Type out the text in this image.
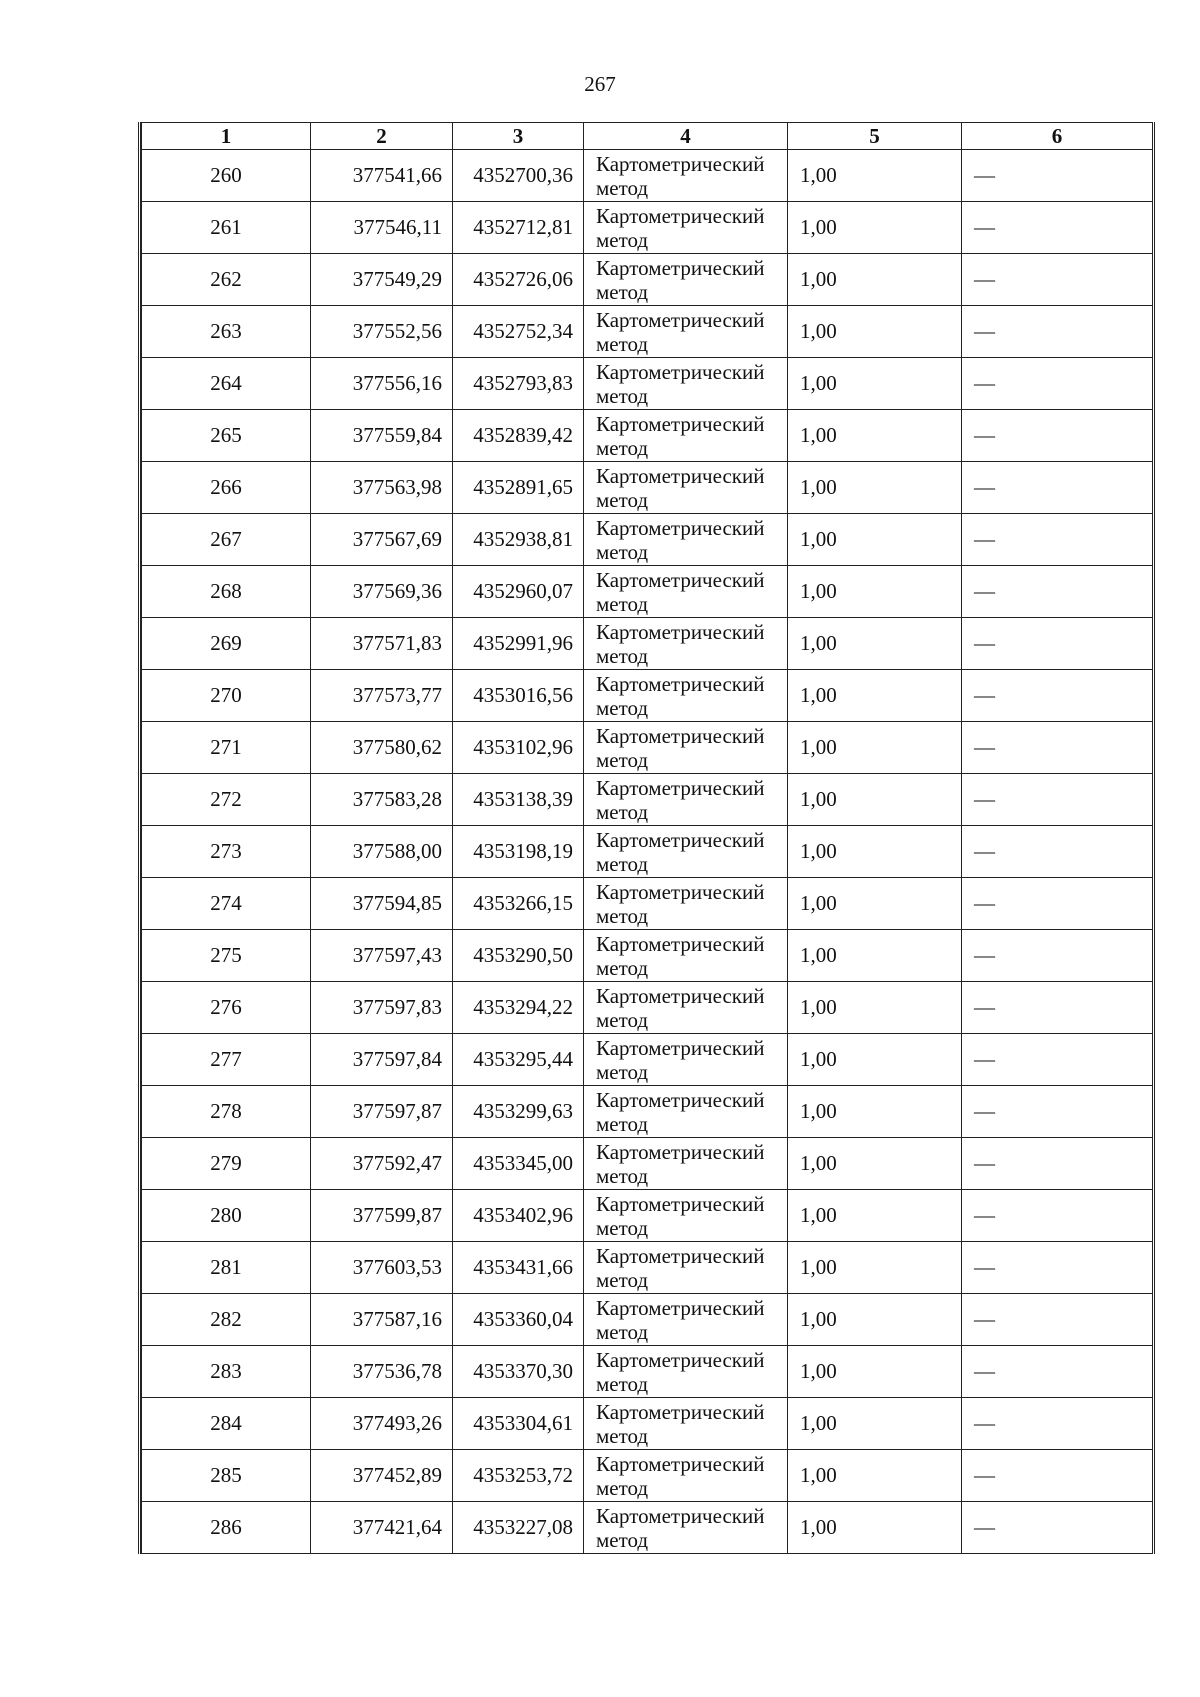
267
1	2	3	4	5	6
260	377541,66	4352700,36	Картометрический
метод	1,00	—
261	377546,11	4352712,81	Картометрический
метод	1,00	—
262	377549,29	4352726,06	Картометрический
метод	1,00	—
263	377552,56	4352752,34	Картометрический
метод	1,00	—
264	377556,16	4352793,83	Картометрический
метод	1,00	—
265	377559,84	4352839,42	Картометрический
метод	1,00	—
266	377563,98	4352891,65	Картометрический
метод	1,00	—
267	377567,69	4352938,81	Картометрический
метод	1,00	—
268	377569,36	4352960,07	Картометрический
метод	1,00	—
269	377571,83	4352991,96	Картометрический
метод	1,00	—
270	377573,77	4353016,56	Картометрический
метод	1,00	—
271	377580,62	4353102,96	Картометрический
метод	1,00	—
272	377583,28	4353138,39	Картометрический
метод	1,00	—
273	377588,00	4353198,19	Картометрический
метод	1,00	—
274	377594,85	4353266,15	Картометрический
метод	1,00	—
275	377597,43	4353290,50	Картометрический
метод	1,00	—
276	377597,83	4353294,22	Картометрический
метод	1,00	—
277	377597,84	4353295,44	Картометрический
метод	1,00	—
278	377597,87	4353299,63	Картометрический
метод	1,00	—
279	377592,47	4353345,00	Картометрический
метод	1,00	—
280	377599,87	4353402,96	Картометрический
метод	1,00	—
281	377603,53	4353431,66	Картометрический
метод	1,00	—
282	377587,16	4353360,04	Картометрический
метод	1,00	—
283	377536,78	4353370,30	Картометрический
метод	1,00	—
284	377493,26	4353304,61	Картометрический
метод	1,00	—
285	377452,89	4353253,72	Картометрический
метод	1,00	—
286	377421,64	4353227,08	Картометрический
метод	1,00	—
